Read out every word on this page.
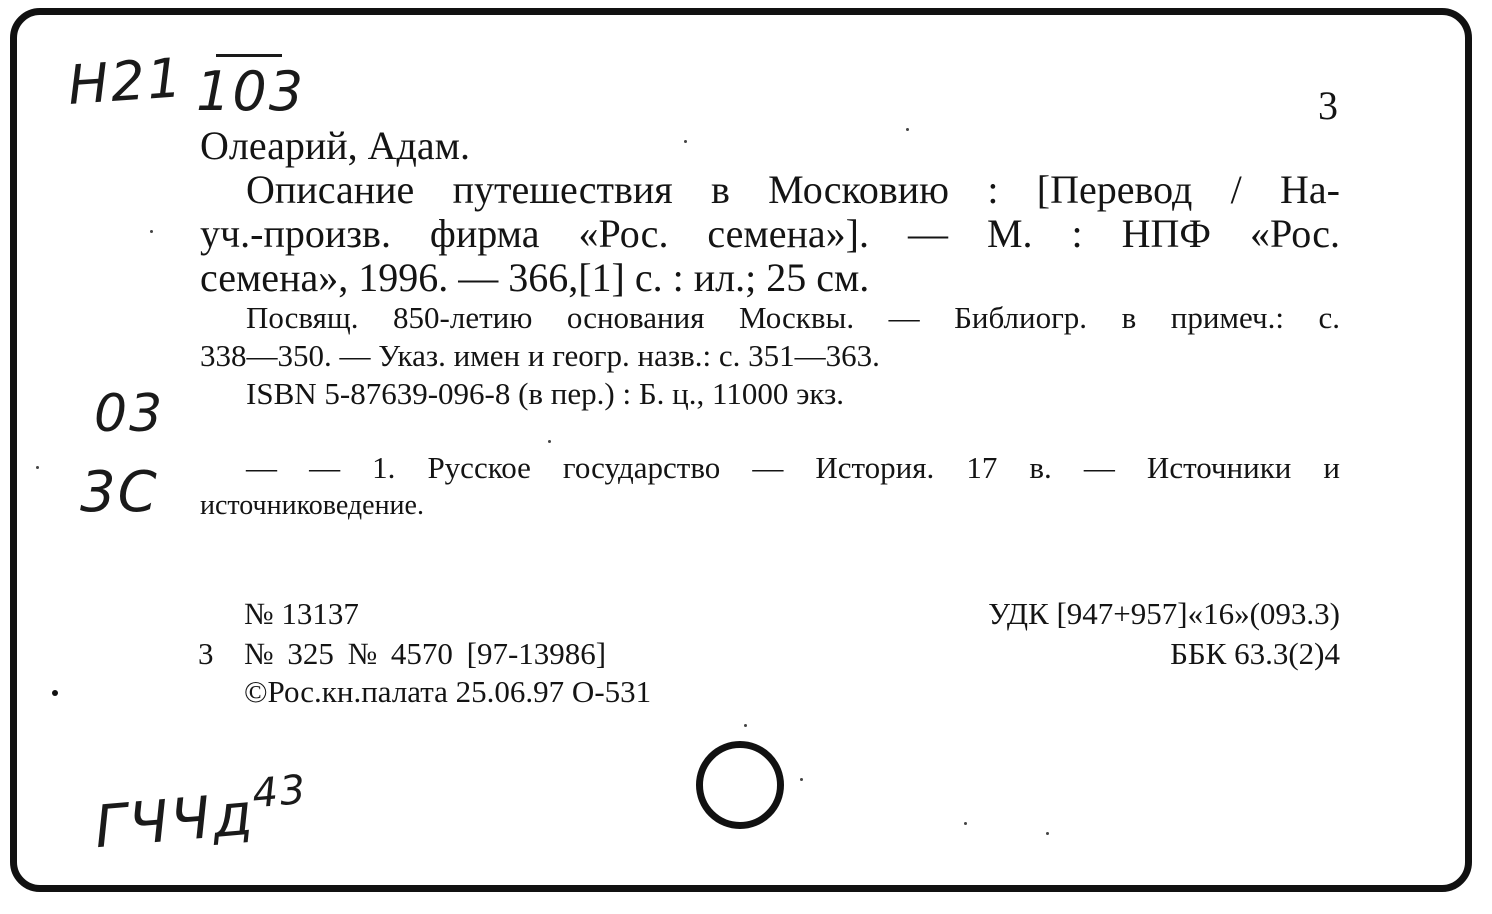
Н21 103	3
Олеарий, Адам.
Описание путешествия в Московию : [Перевод / На-
уч.-произв. фирма «Рос. семена»]. — М. : НПФ «Рос.
семена», 1996. — 366,[1] с. : ил.; 25 см.
Посвящ. 850-летию основания Москвы. — Библиогр. в примеч.: с.
338—350. — Указ. имен и геогр. назв.: с. 351—363.
ISBN 5-87639-096-8 (в пер.) : Б. ц., 11000 экз.
03
3С	— — 1. Русское государство — История. 17 в. — Источники и
источниковедение.
№ 13137
3 № 325 № 4570 [97-13986]
©Рос.кн.палата 25.06.97 О-531
УДК [947+957]«16»(093.3)
ББК 63.3(2)4
ГЧЧд$^{43}$
